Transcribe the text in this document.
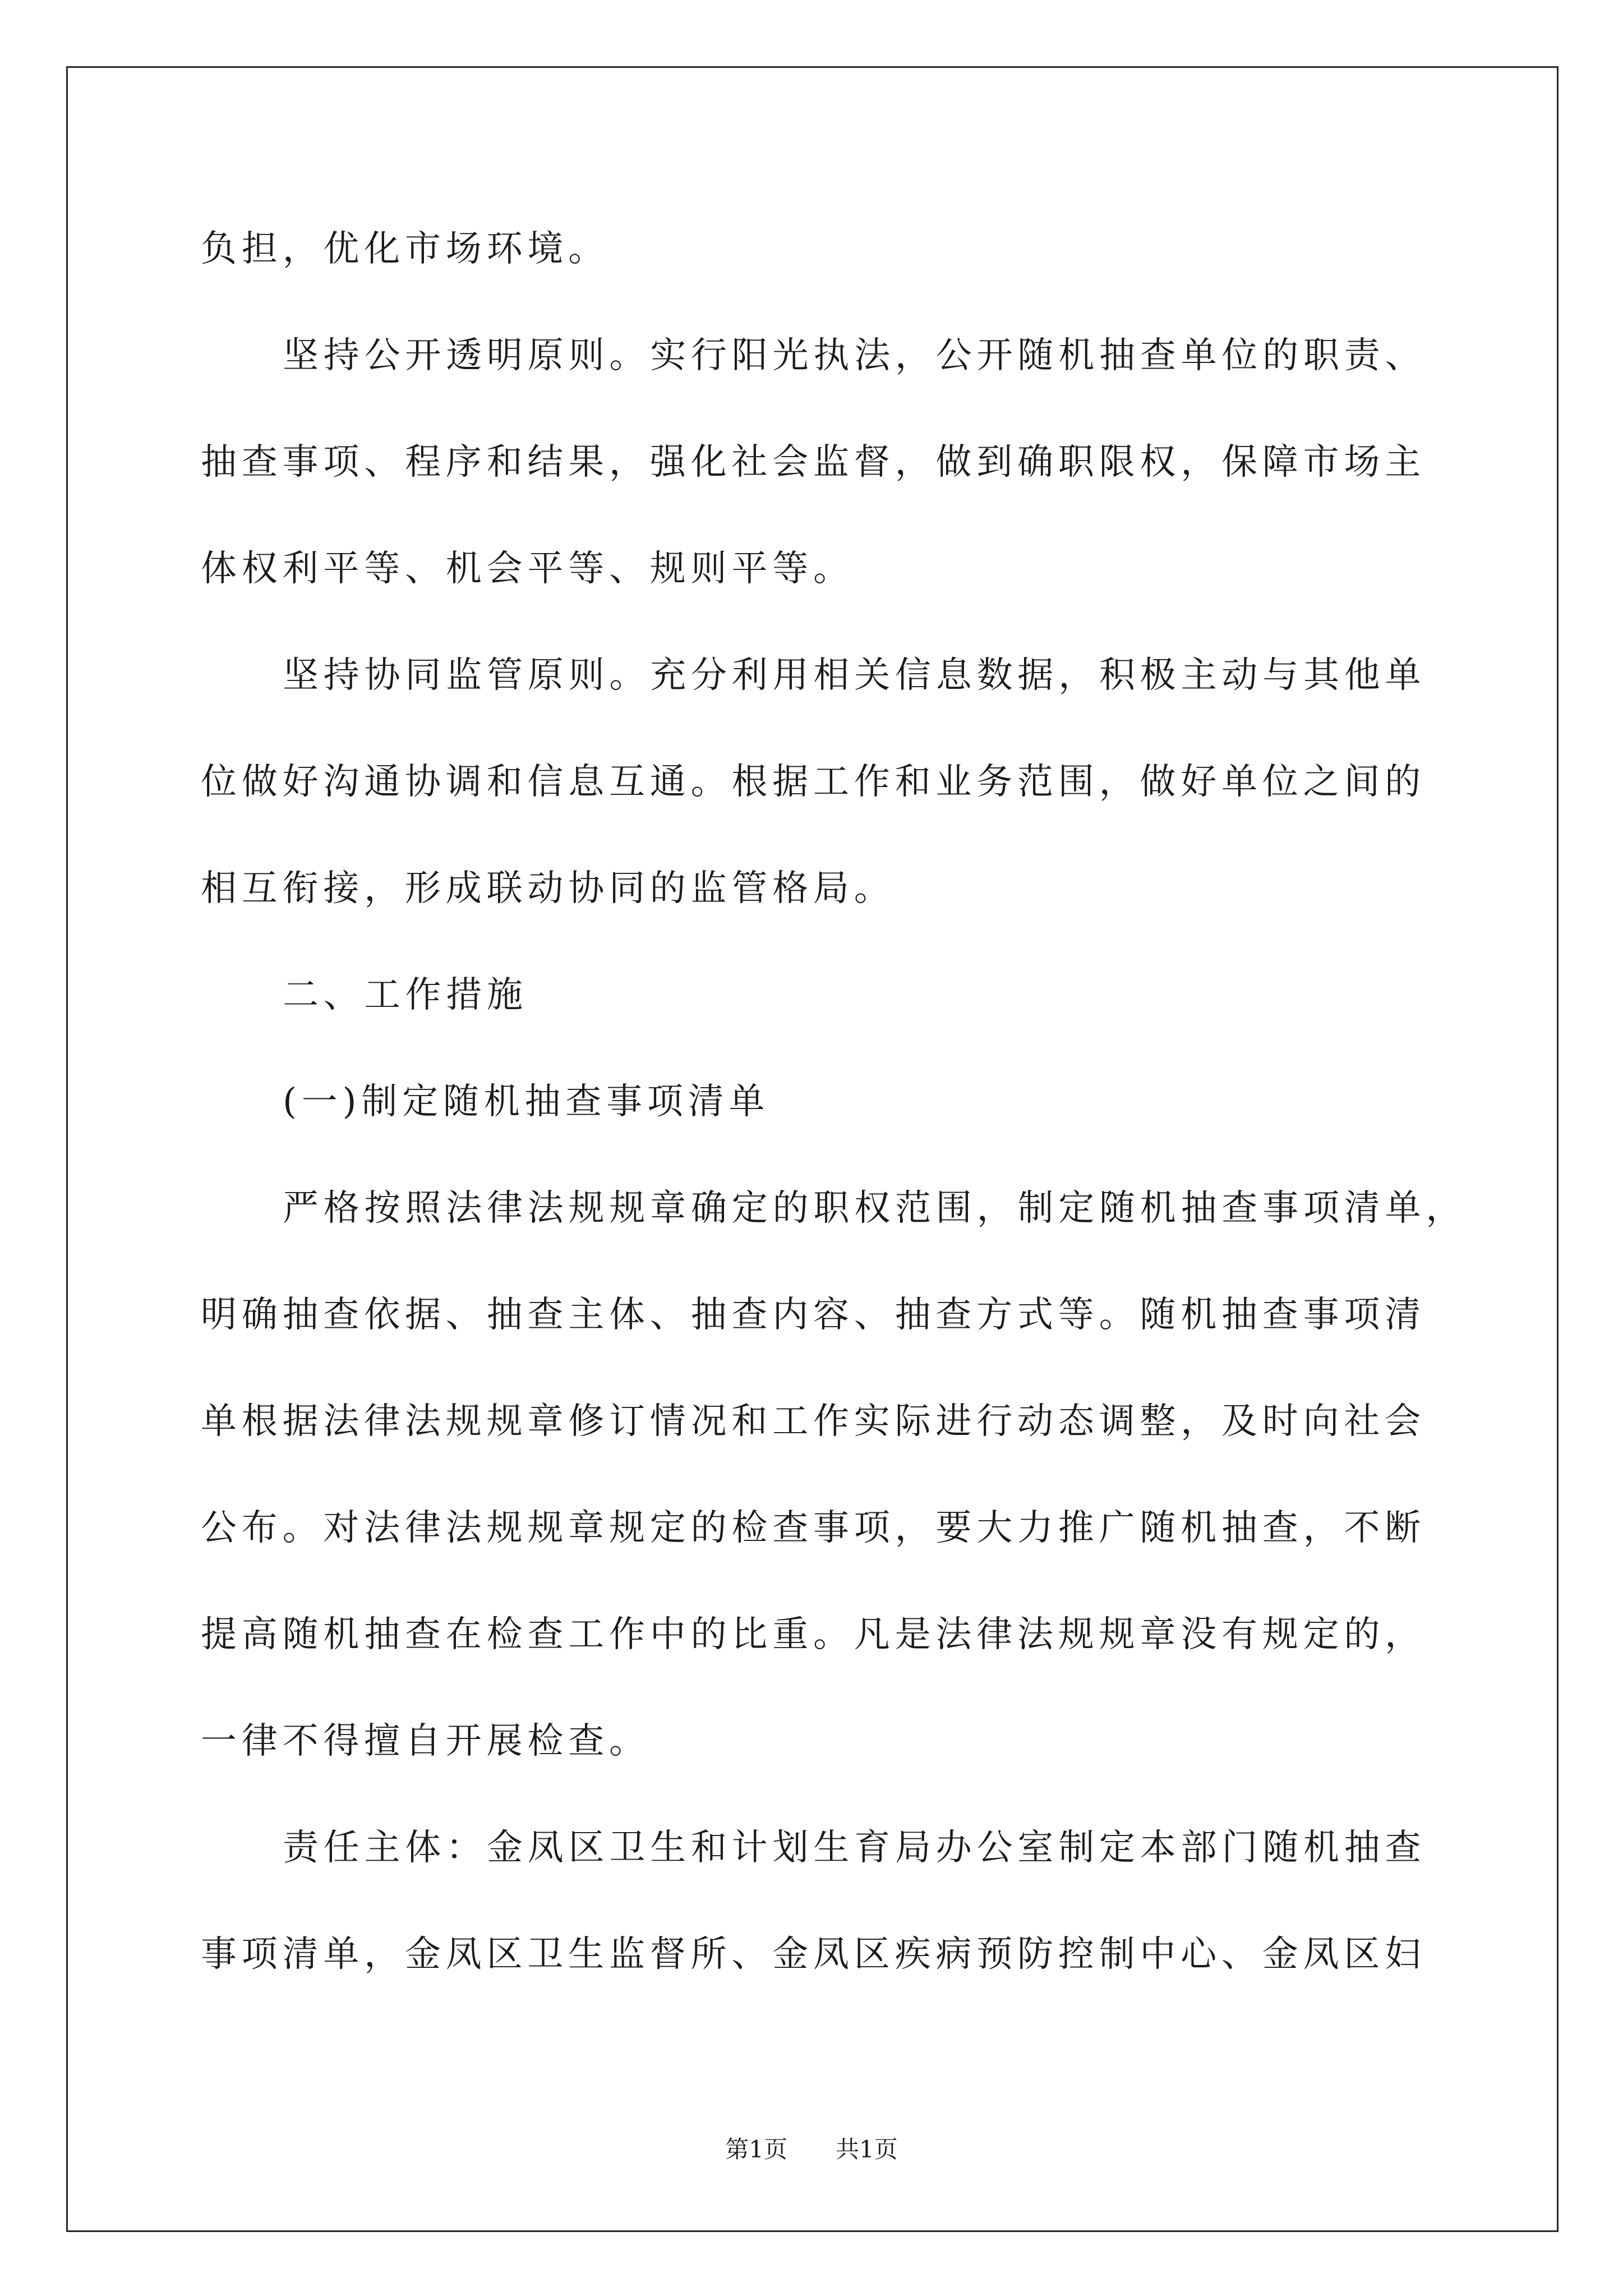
负担，优化市场环境。
坚持公开透明原则。实行阳光执法，公开随机抽查单位的职责、
抽查事项、程序和结果，强化社会监督，做到确职限权，保障市场主
体权利平等、机会平等、规则平等。
坚持协同监管原则。充分利用相关信息数据，积极主动与其他单
位做好沟通协调和信息互通。根据工作和业务范围，做好单位之间的
相互衔接，形成联动协同的监管格局。
二、工作措施
(一)制定随机抽查事项清单
严格按照法律法规规章确定的职权范围，制定随机抽查事项清单，
明确抽查依据、抽查主体、抽查内容、抽查方式等。随机抽查事项清
单根据法律法规规章修订情况和工作实际进行动态调整，及时向社会
公布。对法律法规规章规定的检查事项，要大力推广随机抽查，不断
提高随机抽查在检查工作中的比重。凡是法律法规规章没有规定的，
一律不得擅自开展检查。
责任主体：金凤区卫生和计划生育局办公室制定本部门随机抽查
事项清单，金凤区卫生监督所、金凤区疾病预防控制中心、金凤区妇
第1页 共1页
